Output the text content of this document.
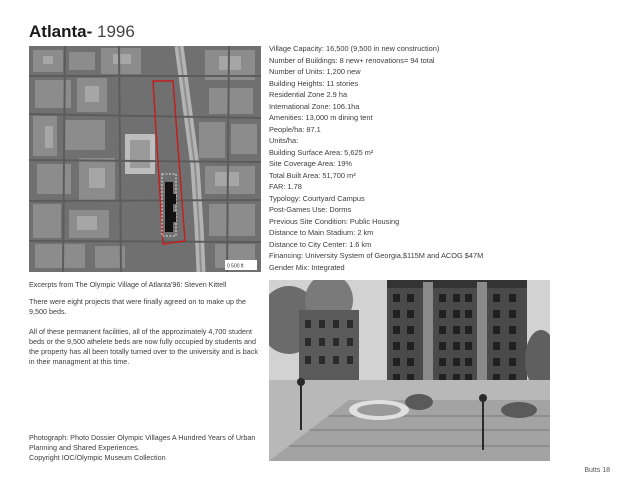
Atlanta- 1996
0 500 ft
Village Capacity: 16,500 (9,500 in new construction)
Number of Buildings: 8 new+ renovations= 94 total
Number of Units: 1,200 new
Building Heights: 11 stories
Residential Zone 2.9 ha
International Zone: 106.1ha
Amenities: 13,000 m dining tent
People/ha: 87.1
Units/ha:
Building Surface Area: 5,625 m²
Site Coverage Area: 19%
Total Built Area: 51,700 m²
FAR: 1.78
Typology: Courtyard Campus
Post-Games Use: Dorms
Previous Site Condition: Public Housing
Distance to Main Stadium: 2 km
Distance to City Center: 1.6 km
Financing: University System of Georgia,$115M and ACOG $47M
Gender Mix: Integrated

Excerpts from The Olympic Village of Atlanta'96: Steven Kittell

There were eight projects that were finally agreed on to make up the 9,500 beds.

All of these permanent facilities, all of the approzimately 4,700 student beds or the 9,500 athelete beds are now fully occupied by students and the property has all been totally turned over to the university and is back in their managment at this time.

Photograph: Photo Dossier Olympic Villages A Hundred Years of Urban Planning and Shared Experiences.
Copyright IOC/Olympic Museum Collection
Butts 18
